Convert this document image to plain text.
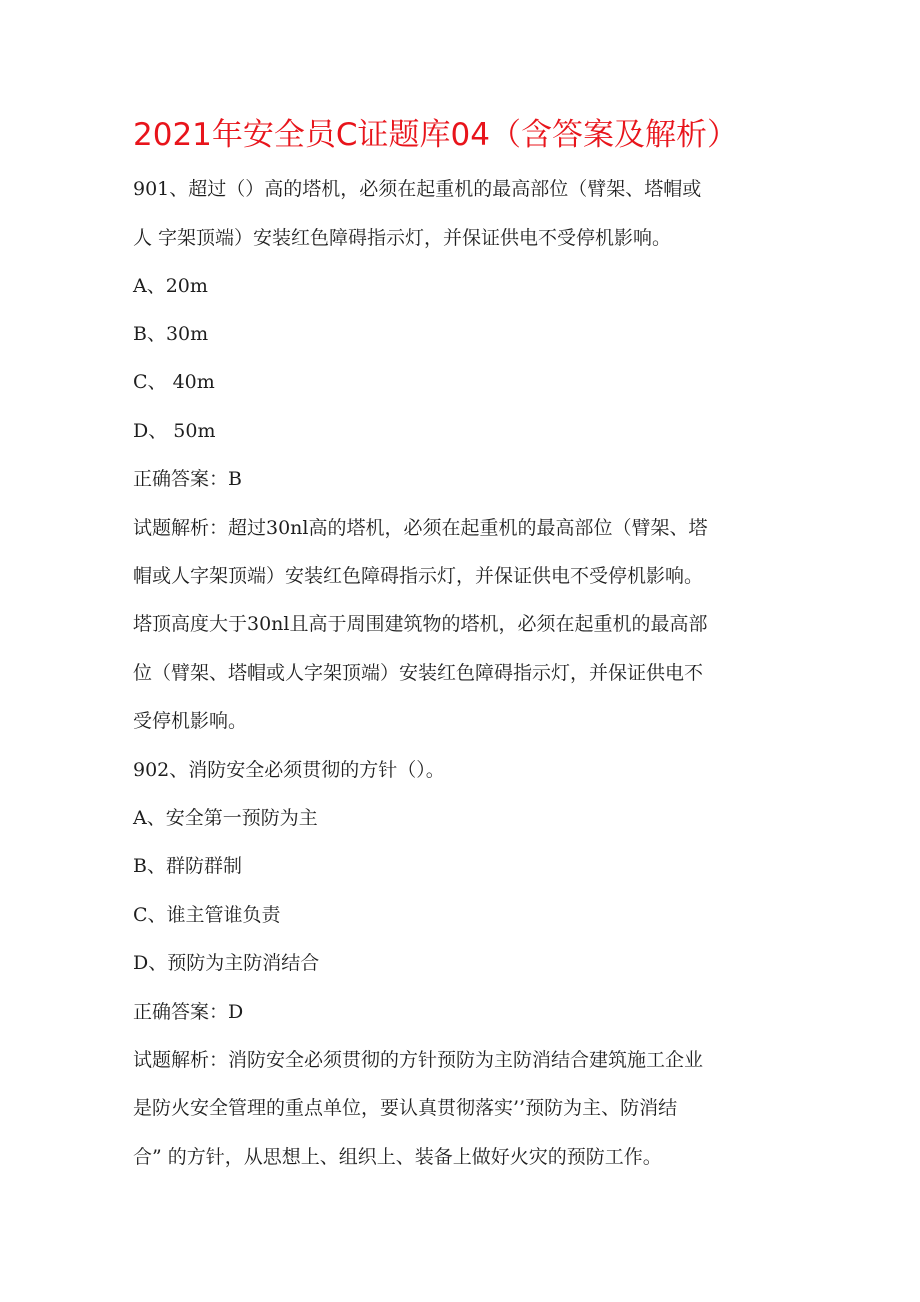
2021年安全员C证题库04（含答案及解析）
901、超过（）高的塔机，必须在起重机的最高部位（臂架、塔帽或
人 字架顶端）安装红色障碍指示灯，并保证供电不受停机影响。
A、20m
B、30m
C、 40m
D、 50m
正确答案：B
试题解析：超过30nl高的塔机，必须在起重机的最高部位（臂架、塔
帽或人字架顶端）安装红色障碍指示灯，并保证供电不受停机影响。
塔顶高度大于30nl且高于周围建筑物的塔机，必须在起重机的最高部
位（臂架、塔帽或人字架顶端）安装红色障碍指示灯，并保证供电不
受停机影响。
902、消防安全必须贯彻的方针（）。
A、安全第一预防为主
B、群防群制
C、谁主管谁负责
D、预防为主防消结合
正确答案：D
试题解析：消防安全必须贯彻的方针预防为主防消结合建筑施工企业
是防火安全管理的重点单位，要认真贯彻落实’’预防为主、防消结
合” 的方针，从思想上、组织上、装备上做好火灾的预防工作。
